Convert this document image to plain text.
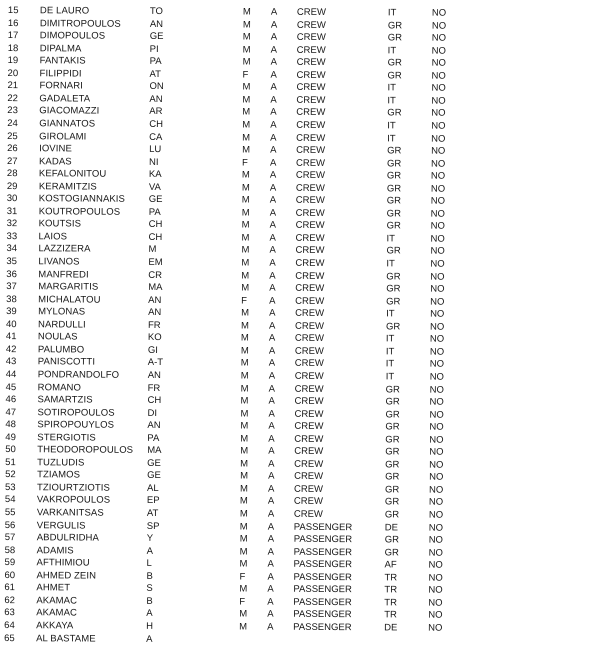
15	DE LAURO	TO	M A CREW	IT	NO
16	DIMITROPOULOS	AN	M A CREW	GR	NO
17	DIMOPOULOS	GE	M A CREW	GR	NO
18	DIPALMA	PI	M A CREW	IT	NO
19	FANTAKIS	PA	M A CREW	GR	NO
20	FILIPPIDI	AT	F A CREW	GR	NO
21	FORNARI	ON	M A CREW	IT	NO
22	GADALETA	AN	M A CREW	IT	NO
23	GIACOMAZZI	AR	M A CREW	GR	NO
24	GIANNATOS	CH	M A CREW	IT	NO
25	GIROLAMI	CA	M A CREW	IT	NO
26	IOVINE	LU	M A CREW	GR	NO
27	KADAS	NI	F A CREW	GR	NO
28	KEFALONITOU	KA	M A CREW	GR	NO
29	KERAMITZIS	VA	M A CREW	GR	NO
30	KOSTOGIANNAKIS GE	M A CREW	GR	NO
31	KOUTROPOULOS	PA	M A CREW	GR	NO
32	KOUTSIS	CH	M A CREW	GR	NO
33	LAIOS	CH	M A CREW	IT	NO
34	LAZZIZERA	M	M A CREW	GR	NO
35	LIVANOS	EM	M A CREW	IT	NO
36	MANFREDI	CR	M A CREW	GR	NO
37	MARGARITIS	MA	M A CREW	GR	NO
38	MICHALATOU	AN	F A CREW	GR	NO
39	MYLONAS	AN	M A CREW	IT	NO
40	NARDULLI	FR	M A CREW	GR	NO
41	NOULAS	KO	M A CREW	IT	NO
42	PALUMBO	GI	M A CREW	IT	NO
43	PANISCOTTI	A-T	M A CREW	IT	NO
44	PONDRANDOLFO	AN	M A CREW	IT	NO
45	ROMANO	FR	M A CREW	GR	NO
46	SAMARTZIS	CH	M A CREW	GR	NO
47	SOTIROPOULOS	DI	M A CREW	GR	NO
48	SPIROPOUYLOS	AN	M A CREW	GR	NO
49	STERGIOTIS	PA	M A CREW	GR	NO
50	THEODOROPOULOS MA	M A CREW	GR	NO
51	TUZLUDIS	GE	M A CREW	GR	NO
52	TZIAMOS	GE	M A CREW	GR	NO
53	TZIOURTZIOTIS	AL	M A CREW	GR	NO
54	VAKROPOULOS	EP	M A CREW	GR	NO
55	VARKANITSAS	AT	M A CREW	GR	NO
56	VERGULIS	SP	M A PASSENGER	DE	NO
57	ABDULRIDHA	Y	M A PASSENGER	GR	NO
58	ADAMIS	A	M A PASSENGER	GR	NO
59	AFTHIMIOU	L	M A PASSENGER	AF	NO
60	AHMED ZEIN	B	F A PASSENGER	TR	NO
61	AHMET	S	M A PASSENGER	TR	NO
62	AKAMAC	B	F A PASSENGER	TR	NO
63	AKAMAC	A	M A PASSENGER	TR	NO
64	AKKAYA	H	M A PASSENGER	DE	NO
65	AL BASTAME	A
